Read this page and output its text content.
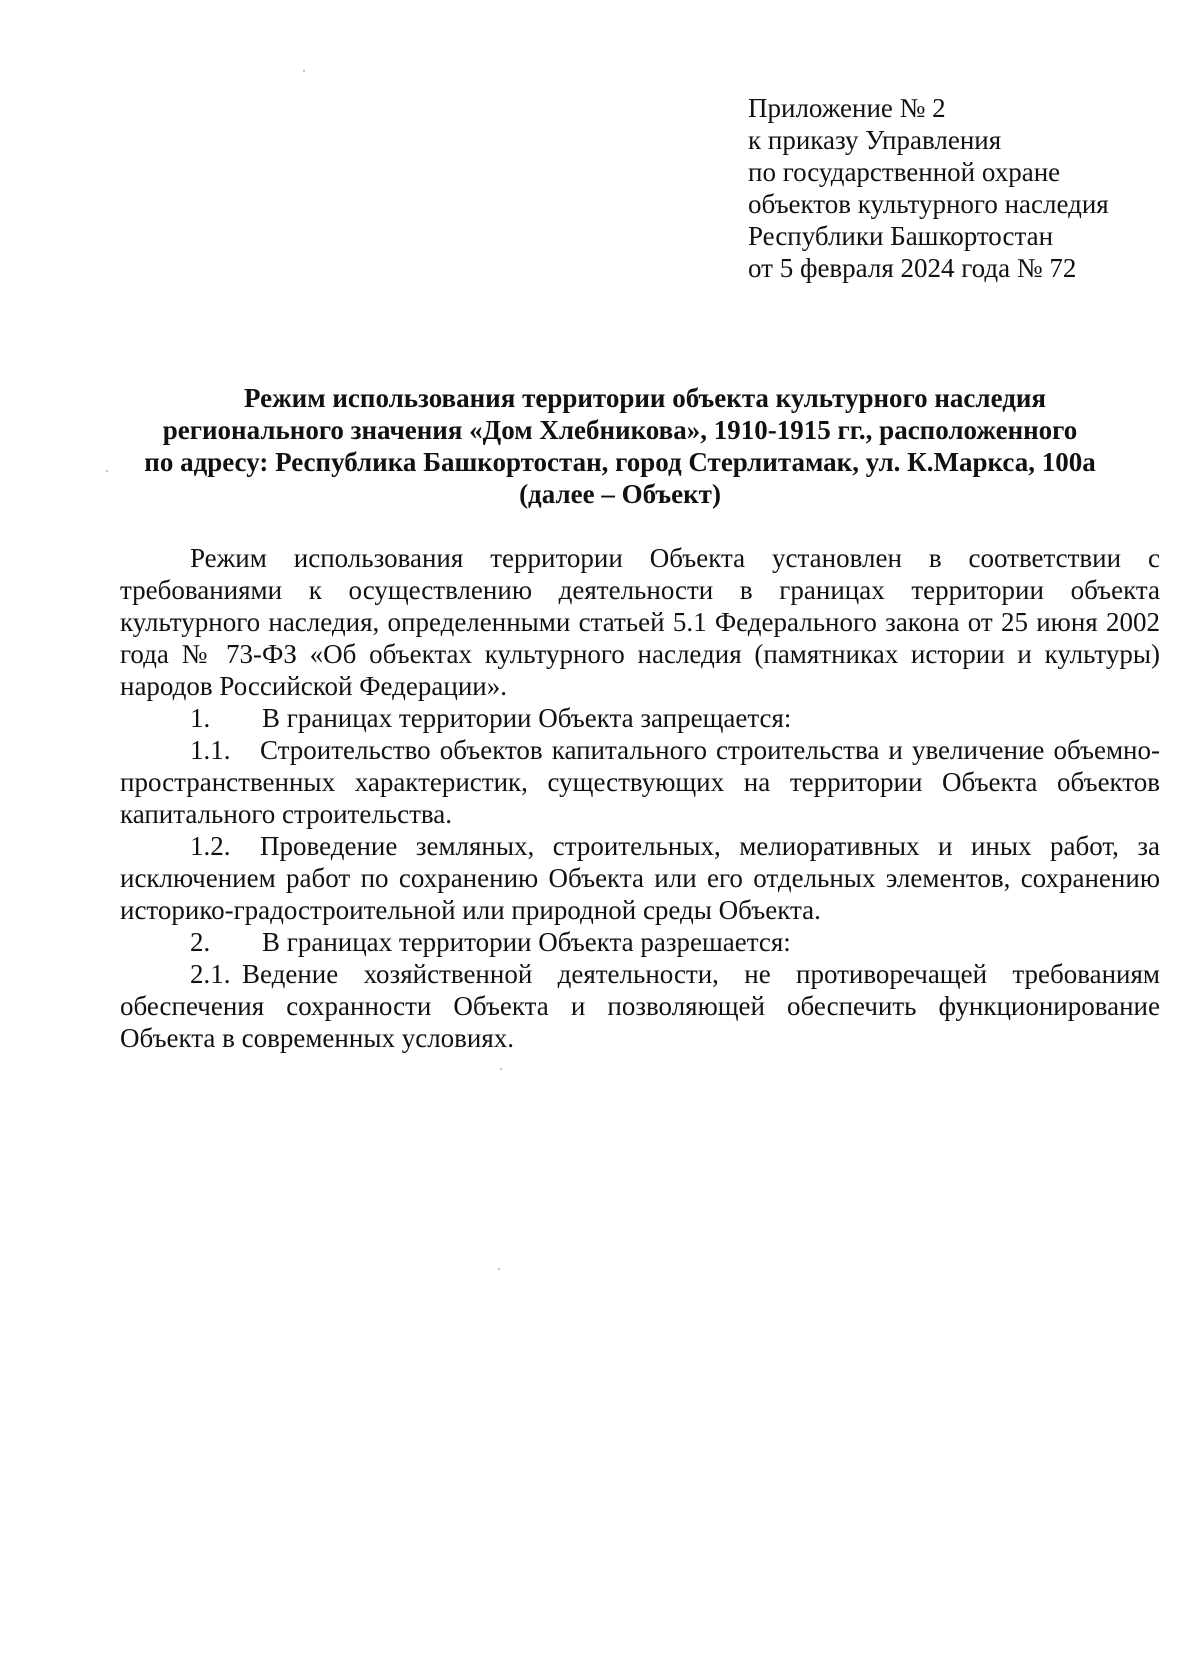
Приложение № 2
к приказу Управления
по государственной охране
объектов культурного наследия
Республики Башкортостан
от 5 февраля 2024 года № 72
Режим использования территории объекта культурного наследия
регионального значения «Дом Хлебникова», 1910-1915 гг., расположенного
по адресу: Республика Башкортостан, город Стерлитамак, ул. К.Маркса, 100а
(далее – Объект)

Режим использования территории Объекта установлен в соответствии с требованиями к осуществлению деятельности в границах территории объекта культурного наследия, определенными статьей 5.1 Федерального закона от 25 июня 2002 года № 73-ФЗ «Об объектах культурного наследия (памятниках истории и культуры) народов Российской Федерации».

1. В границах территории Объекта запрещается:

1.1. Строительство объектов капитального строительства и увеличение объемно-пространственных характеристик, существующих на территории Объекта объектов капитального строительства.

1.2. Проведение земляных, строительных, мелиоративных и иных работ, за исключением работ по сохранению Объекта или его отдельных элементов, сохранению историко-градостроительной или природной среды Объекта.

2. В границах территории Объекта разрешается:

2.1. Ведение хозяйственной деятельности, не противоречащей требованиям обеспечения сохранности Объекта и позволяющей обеспечить функционирование Объекта в современных условиях.
